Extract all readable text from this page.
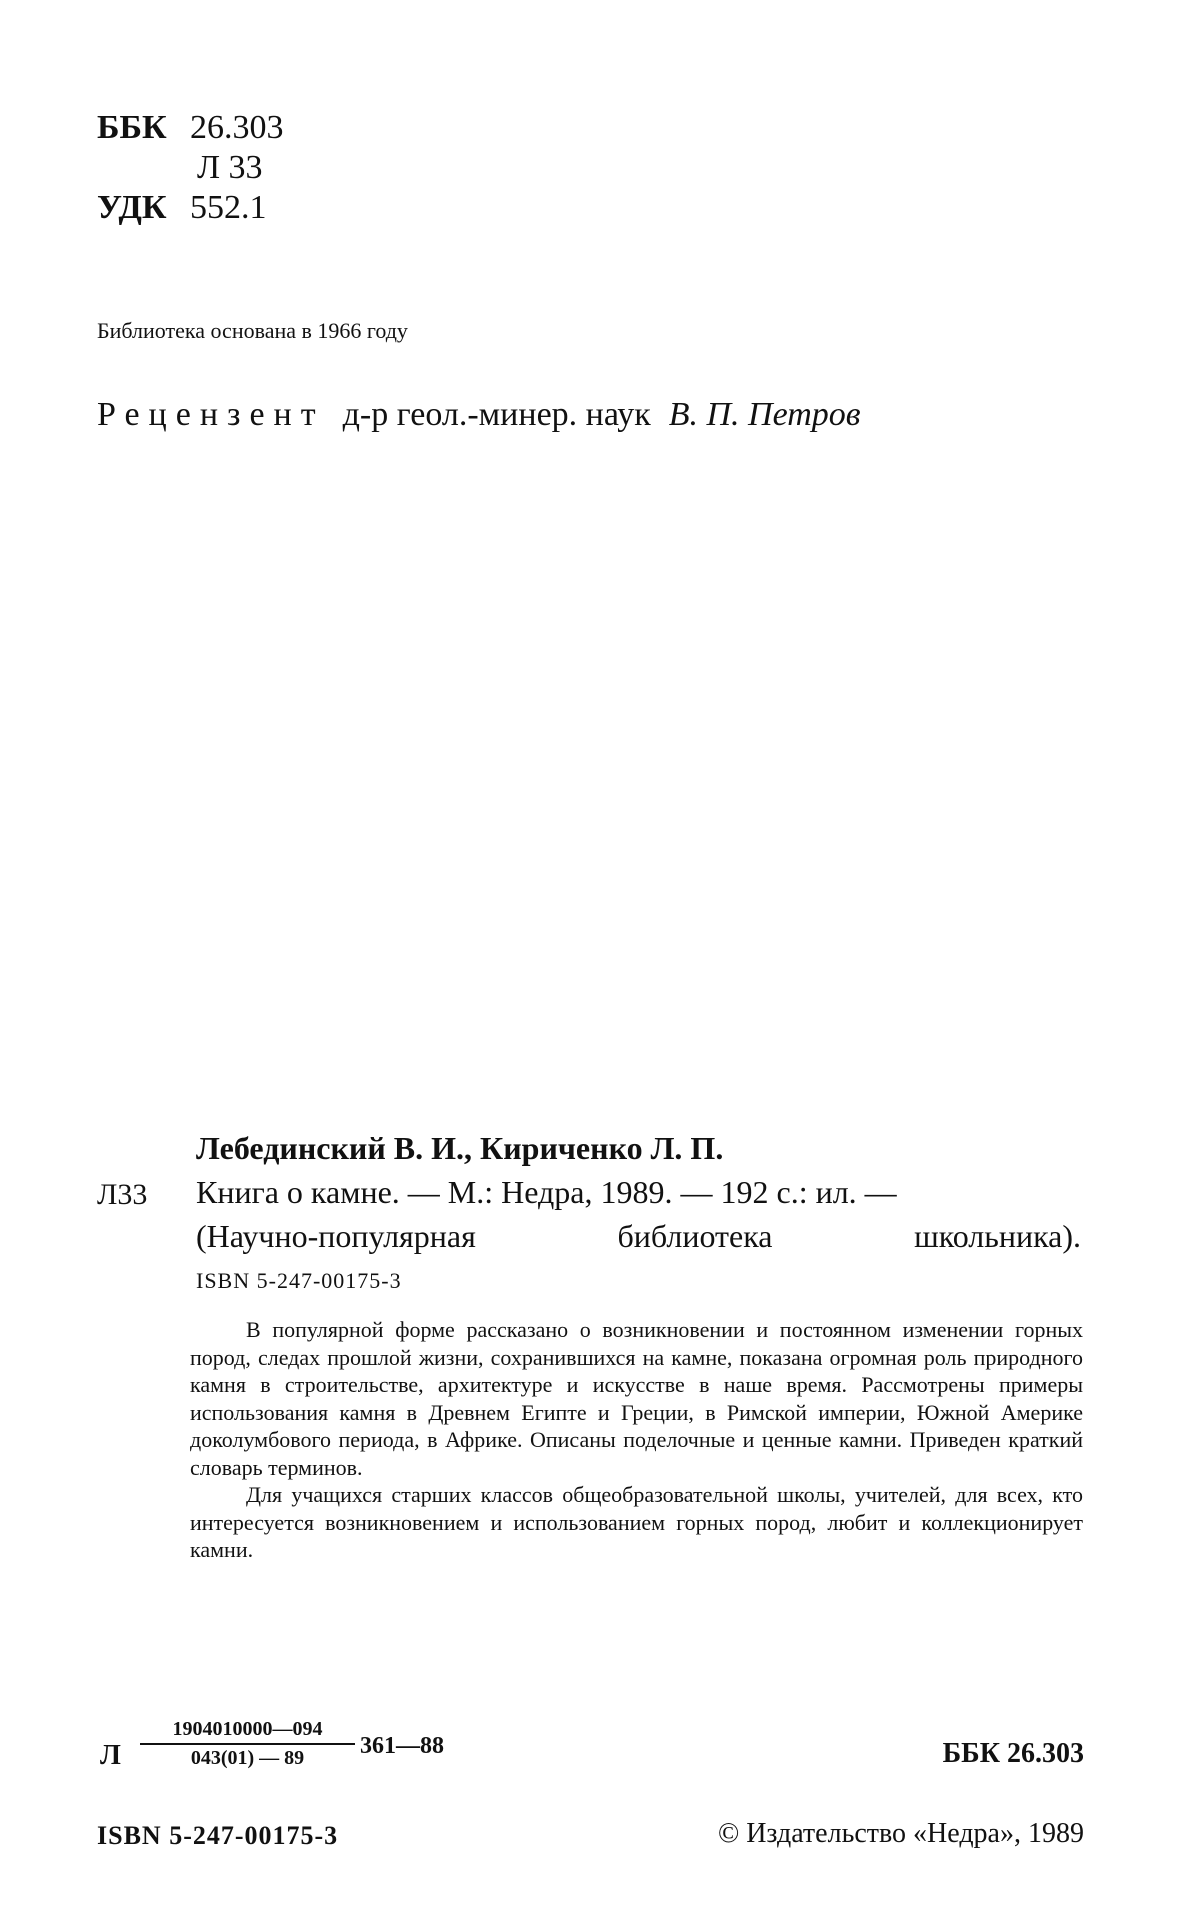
ББК 26.303
Л 33
УДК 552.1
Библиотека основана в 1966 году
Рецензент д-р геол.-минер. наук В. П. Петров
Лебединский В. И., Кириченко Л. П.
Л33 Книга о камне. — М.: Недра, 1989. — 192 с.: ил. —
(Научно-популярная библиотека школьника).
ISBN 5-247-00175-3

В популярной форме рассказано о возникновении и постоянном изменении горных пород, следах прошлой жизни, сохранившихся на камне, показана огромная роль природного камня в строительстве, архитектуре и искусстве в наше время. Рассмотрены примеры использования камня в Древнем Египте и Греции, в Римской империи, Южной Америке доколумбового периода, в Африке. Описаны поделочные и ценные камни. Приведен краткий словарь терминов.

Для учащихся старших классов общеобразовательной школы, учителей, для всех, кто интересуется возникновением и использованием горных пород, любит и коллекционирует камни.

Л $\frac{1904010000—094}{043(01) — 89}$ 361—88	ББК 26.303
ISBN 5-247-00175-3	© Издательство «Недра», 1989
